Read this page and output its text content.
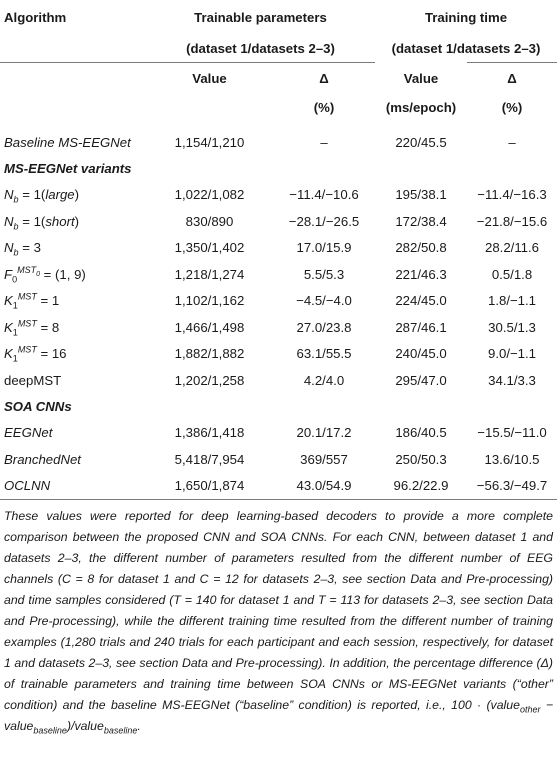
Algorithm	Trainable parameters		Training time	
	(dataset 1/datasets 2–3)		(dataset 1/datasets 2–3)	

	Value	Δ	Value	Δ
		(%)	(ms/epoch)	(%)

Baseline MS-EEGNet	1,154/1,210	–	220/45.5	–
MS-EEGNet variants				
$N_b$ = 1(large)	1,022/1,082	−11.4/−10.6	195/38.1	−11.4/−16.3
$N_b$ = 1(short)	830/890	−28.1/−26.5	172/38.4	−21.8/−15.6
$N_b = 3$	1,350/1,402	17.0/15.9	282/50.8	28.2/11.6
$F_0^{MST_0} = (1$, 9)	1,218/1,274	5.5/5.3	221/46.3	0.5/1.8
$K_1^{MST} = 1$	1,102/1,162	−4.5/−4.0	224/45.0	1.8/−1.1
$K_1^{MST} = 8$	1,466/1,498	27.0/23.8	287/46.1	30.5/1.3
$K_1^{MST} = 16$	1,882/1,882	63.1/55.5	240/45.0	9.0/−1.1
deepMST	1,202/1,258	4.2/4.0	295/47.0	34.1/3.3
SOA CNNs				
EEGNet	1,386/1,418	20.1/17.2	186/40.5	−15.5/−11.0
BranchedNet	5,418/7,954	369/557	250/50.3	13.6/10.5
OCLNN	1,650/1,874	43.0/54.9	96.2/22.9	−56.3/−49.7

These values were reported for deep learning-based decoders to provide a more complete comparison between the proposed CNN and SOA CNNs. For each CNN, between dataset 1 and datasets 2–3, the different number of parameters resulted from the different number of EEG channels (C = 8 for dataset 1 and C = 12 for datasets 2–3, see section Data and Pre-processing) and time samples considered (T = 140 for dataset 1 and T = 113 for datasets 2–3, see section Data and Pre-processing), while the different training time resulted from the different number of training examples (1,280 trials and 240 trials for each participant and each session, respectively, for dataset 1 and datasets 2–3, see section Data and Pre-processing). In addition, the percentage difference (Δ) of trainable parameters and training time between SOA CNNs or MS-EEGNet variants (“other” condition) and the baseline MS-EEGNet (“baseline” condition) is reported, i.e., 100 · (value$_{other}$ − value$_{baseline}$)/value$_{baseline}$.
